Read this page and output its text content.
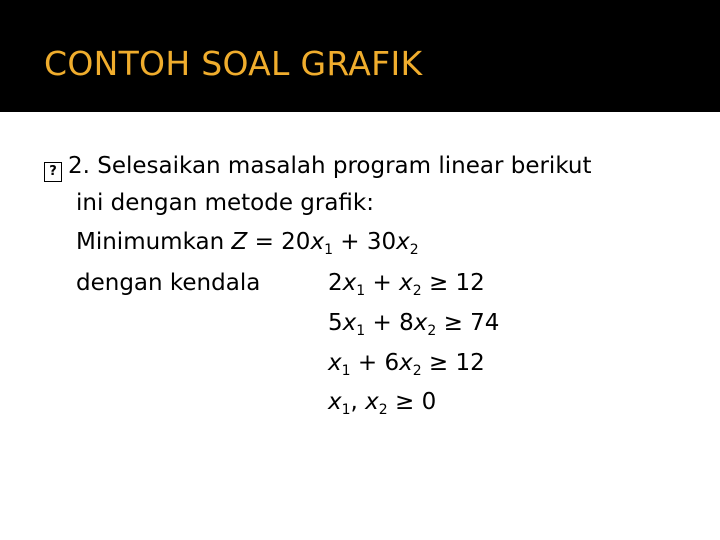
CONTOH SOAL GRAFIK
? 2. Selesaikan masalah program linear berikut
ini dengan metode grafik:
Minimumkan $Z = 20x_1 + 30x_2$
dengan kendala	$2x_1 + x_2 \ge 12$
$5x_1 + 8x_2 \ge 74$
$x_1 + 6x_2 \ge 12$
$x_1$, $x_2 \ge 0$
